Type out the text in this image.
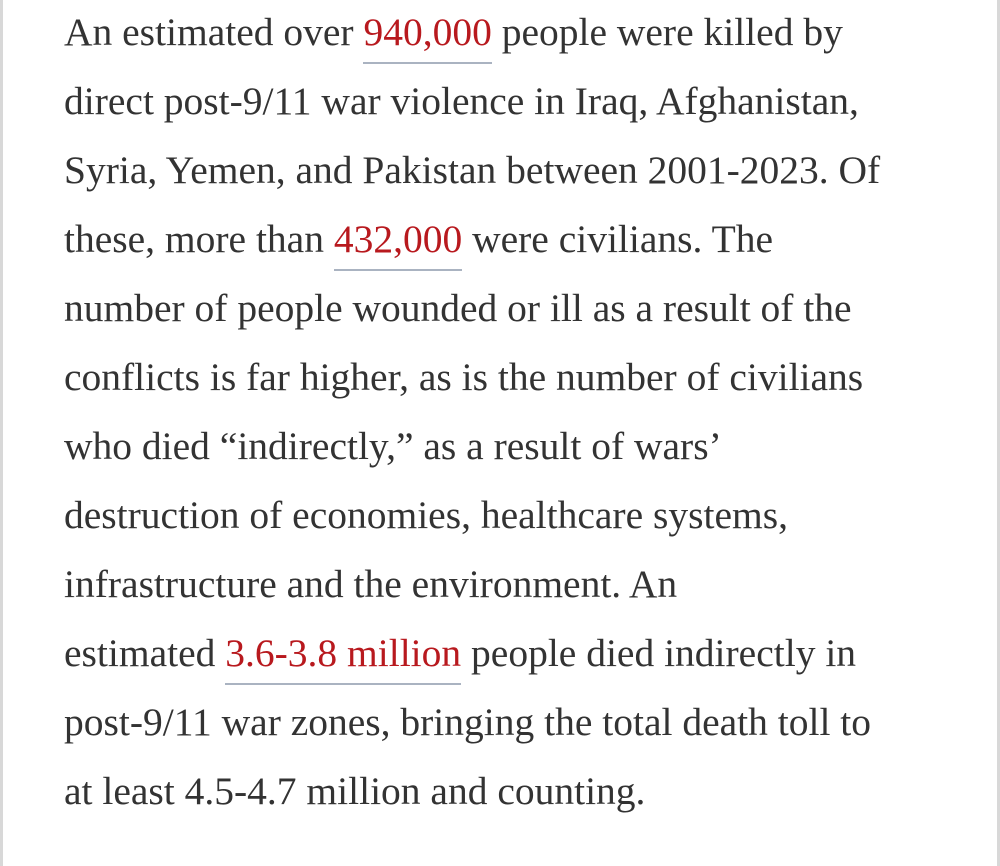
An estimated over 940,000 people were killed by
direct post-9/11 war violence in Iraq, Afghanistan,
Syria, Yemen, and Pakistan between 2001-2023. Of
these, more than 432,000 were civilians. The
number of people wounded or ill as a result of the
conflicts is far higher, as is the number of civilians
who died “indirectly,” as a result of wars’
destruction of economies, healthcare systems,
infrastructure and the environment. An
estimated 3.6-3.8 million people died indirectly in
post-9/11 war zones, bringing the total death toll to
at least 4.5-4.7 million and counting.
